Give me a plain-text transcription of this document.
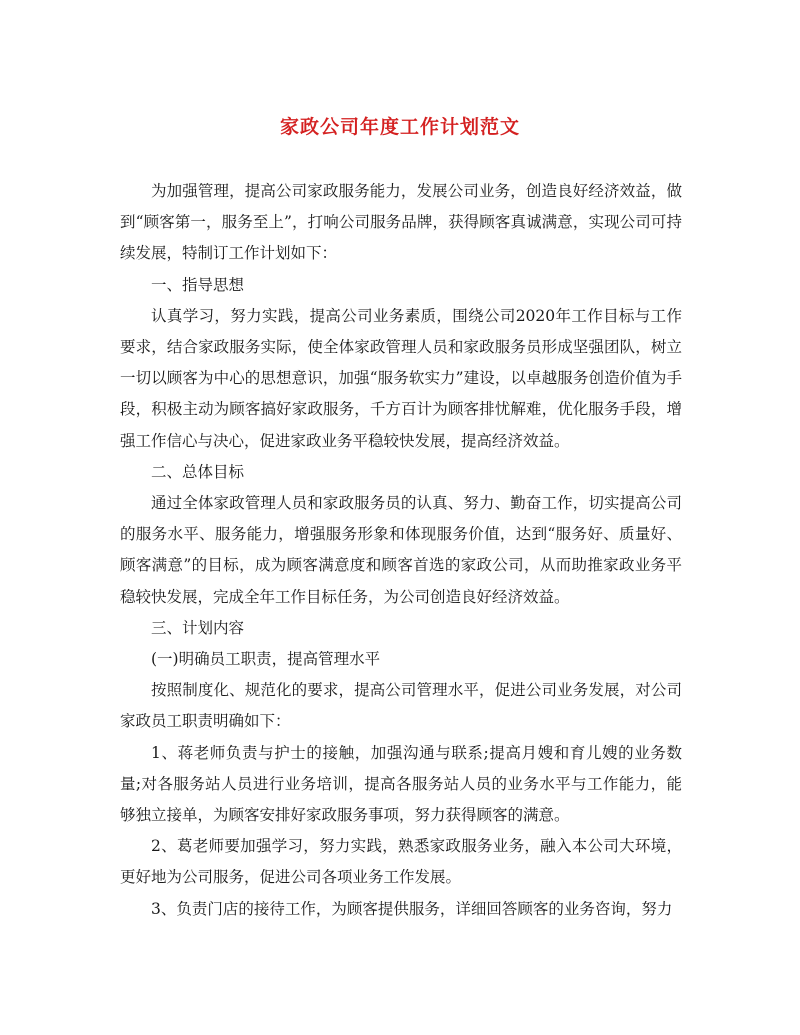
家政公司年度工作计划范文

为加强管理，提高公司家政服务能力，发展公司业务，创造良好经济效益，做到“顾客第一，服务至上”，打响公司服务品牌，获得顾客真诚满意，实现公司可持续发展，特制订工作计划如下：

一、指导思想

认真学习，努力实践，提高公司业务素质，围绕公司2020年工作目标与工作要求，结合家政服务实际，使全体家政管理人员和家政服务员形成坚强团队，树立一切以顾客为中心的思想意识，加强“服务软实力”建设，以卓越服务创造价值为手段，积极主动为顾客搞好家政服务，千方百计为顾客排忧解难，优化服务手段，增强工作信心与决心，促进家政业务平稳较快发展，提高经济效益。

二、总体目标

通过全体家政管理人员和家政服务员的认真、努力、勤奋工作，切实提高公司的服务水平、服务能力，增强服务形象和体现服务价值，达到“服务好、质量好、顾客满意”的目标，成为顾客满意度和顾客首选的家政公司，从而助推家政业务平稳较快发展，完成全年工作目标任务，为公司创造良好经济效益。

三、计划内容

(一)明确员工职责，提高管理水平

按照制度化、规范化的要求，提高公司管理水平，促进公司业务发展，对公司家政员工职责明确如下：

1、蒋老师负责与护士的接触，加强沟通与联系;提高月嫂和育儿嫂的业务数量;对各服务站人员进行业务培训，提高各服务站人员的业务水平与工作能力，能够独立接单，为顾客安排好家政服务事项，努力获得顾客的满意。

2、葛老师要加强学习，努力实践，熟悉家政服务业务，融入本公司大环境，更好地为公司服务，促进公司各项业务工作发展。

3、负责门店的接待工作，为顾客提供服务，详细回答顾客的业务咨询，努力
